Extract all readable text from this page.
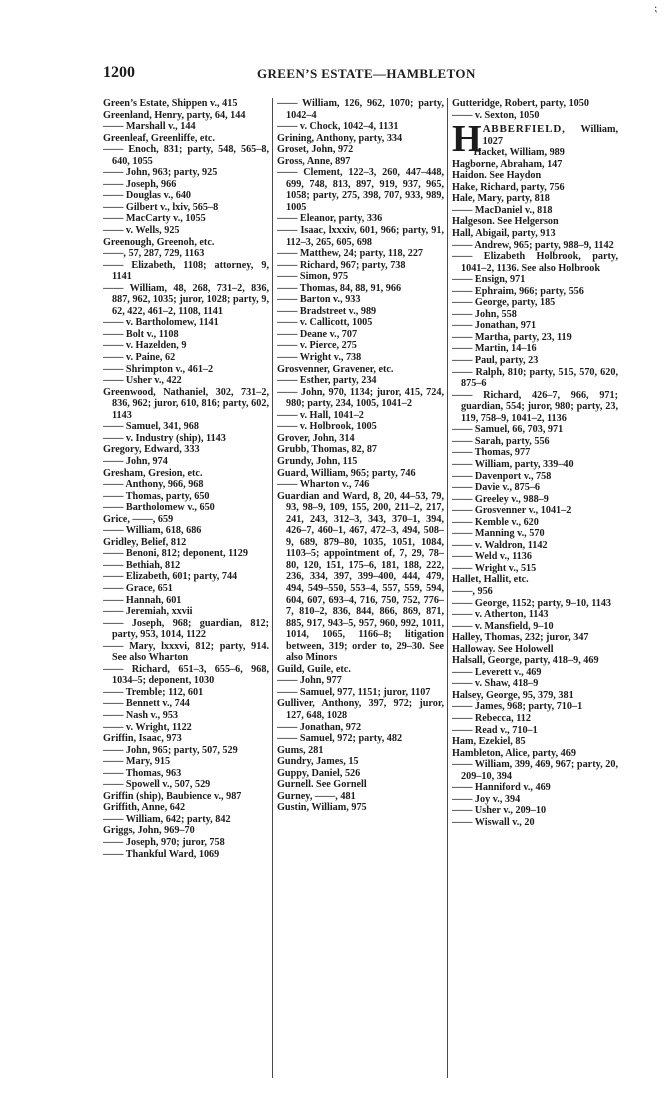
⁏
1200	GREEN’S ESTATE—HAMBLETON
Green’s Estate, Shippen v., 415
Greenland, Henry, party, 64, 144
—— Marshall v., 144
Greenleaf, Greenliffe, etc.
—— Enoch, 831; party, 548, 565–8, 640, 1055
—— John, 963; party, 925
—— Joseph, 966
—— Douglas v., 640
—— Gilbert v., lxiv, 565–8
—— MacCarty v., 1055
—— v. Wells, 925
Greenough, Greenoh, etc.
——, 57, 287, 729, 1163
—— Elizabeth, 1108; attorney, 9, 1141
—— William, 48, 268, 731–2, 836, 887, 962, 1035; juror, 1028; party, 9, 62, 422, 461–2, 1108, 1141
—— v. Bartholomew, 1141
—— Bolt v., 1108
—— v. Hazelden, 9
—— v. Paine, 62
—— Shrimpton v., 461–2
—— Usher v., 422
Greenwood, Nathaniel, 302, 731–2, 836, 962; juror, 610, 816; party, 602, 1143
—— Samuel, 341, 968
—— v. Industry (ship), 1143
Gregory, Edward, 333
—— John, 974
Gresham, Gresion, etc.
—— Anthony, 966, 968
—— Thomas, party, 650
—— Bartholomew v., 650
Grice, ——, 659
—— William, 618, 686
Gridley, Belief, 812
—— Benoni, 812; deponent, 1129
—— Bethiah, 812
—— Elizabeth, 601; party, 744
—— Grace, 651
—— Hannah, 601
—— Jeremiah, xxvii
—— Joseph, 968; guardian, 812; party, 953, 1014, 1122
—— Mary, lxxxvi, 812; party, 914. See also Wharton
—— Richard, 651–3, 655–6, 968, 1034–5; deponent, 1030
—— Tremble; 112, 601
—— Bennett v., 744
—— Nash v., 953
—— v. Wright, 1122
Griffin, Isaac, 973
—— John, 965; party, 507, 529
—— Mary, 915
—— Thomas, 963
—— Spowell v., 507, 529
Griffin (ship), Baubience v., 987
Griffith, Anne, 642
—— William, 642; party, 842
Griggs, John, 969–70
—— Joseph, 970; juror, 758
—— Thankful Ward, 1069
—— William, 126, 962, 1070; party, 1042–4
—— v. Chock, 1042–4, 1131
Grining, Anthony, party, 334
Groset, John, 972
Gross, Anne, 897
—— Clement, 122–3, 260, 447–448, 699, 748, 813, 897, 919, 937, 965, 1058; party, 275, 398, 707, 933, 989, 1005
—— Eleanor, party, 336
—— Isaac, lxxxiv, 601, 966; party, 91, 112–3, 265, 605, 698
—— Matthew, 24; party, 118, 227
—— Richard, 967; party, 738
—— Simon, 975
—— Thomas, 84, 88, 91, 966
—— Barton v., 933
—— Bradstreet v., 989
—— v. Callicott, 1005
—— Deane v., 707
—— v. Pierce, 275
—— Wright v., 738
Grosvenner, Gravener, etc.
—— Esther, party, 234
—— John, 970, 1134; juror, 415, 724, 980; party, 234, 1005, 1041–2
—— v. Hall, 1041–2
—— v. Holbrook, 1005
Grover, John, 314
Grubb, Thomas, 82, 87
Grundy, John, 115
Guard, William, 965; party, 746
—— Wharton v., 746
Guardian and Ward, 8, 20, 44–53, 79, 93, 98–9, 109, 155, 200, 211–2, 217, 241, 243, 312–3, 343, 370–1, 394, 426–7, 460–1, 467, 472–3, 494, 508–9, 689, 879–80, 1035, 1051, 1084, 1103–5; appointment of, 7, 29, 78–80, 120, 151, 175–6, 181, 188, 222, 236, 334, 397, 399–400, 444, 479, 494, 549–550, 553–4, 557, 559, 594, 604, 607, 693–4, 716, 750, 752, 776–7, 810–2, 836, 844, 866, 869, 871, 885, 917, 943–5, 957, 960, 992, 1011, 1014, 1065, 1166–8; litigation between, 319; order to, 29–30. See also Minors
Guild, Guile, etc.
—— John, 977
—— Samuel, 977, 1151; juror, 1107
Gulliver, Anthony, 397, 972; juror, 127, 648, 1028
—— Jonathan, 972
—— Samuel, 972; party, 482
Gums, 281
Gundry, James, 15
Guppy, Daniel, 526
Gurnell. See Gornell
Gurney, ——, 481
Gustin, William, 975
Gutteridge, Robert, party, 1050
—— v. Sexton, 1050
HABBERFIELD, William, 1027
Hacket, William, 989
Hagborne, Abraham, 147
Haidon. See Haydon
Hake, Richard, party, 756
Hale, Mary, party, 818
—— MacDaniel v., 818
Halgeson. See Helgerson
Hall, Abigail, party, 913
—— Andrew, 965; party, 988–9, 1142
—— Elizabeth Holbrook, party, 1041–2, 1136. See also Holbrook
—— Ensign, 971
—— Ephraim, 966; party, 556
—— George, party, 185
—— John, 558
—— Jonathan, 971
—— Martha, party, 23, 119
—— Martin, 14–16
—— Paul, party, 23
—— Ralph, 810; party, 515, 570, 620, 875–6
—— Richard, 426–7, 966, 971; guardian, 554; juror, 980; party, 23, 119, 758–9, 1041–2, 1136
—— Samuel, 66, 703, 971
—— Sarah, party, 556
—— Thomas, 977
—— William, party, 339–40
—— Davenport v., 758
—— Davie v., 875–6
—— Greeley v., 988–9
—— Grosvenner v., 1041–2
—— Kemble v., 620
—— Manning v., 570
—— v. Waldron, 1142
—— Weld v., 1136
—— Wright v., 515
Hallet, Hallit, etc.
——, 956
—— George, 1152; party, 9–10, 1143
—— v. Atherton, 1143
—— v. Mansfield, 9–10
Halley, Thomas, 232; juror, 347
Halloway. See Holowell
Halsall, George, party, 418–9, 469
—— Leverett v., 469
—— v. Shaw, 418–9
Halsey, George, 95, 379, 381
—— James, 968; party, 710–1
—— Rebecca, 112
—— Read v., 710–1
Ham, Ezekiel, 85
Hambleton, Alice, party, 469
—— William, 399, 469, 967; party, 20, 209–10, 394
—— Hanniford v., 469
—— Joy v., 394
—— Usher v., 209–10
—— Wiswall v., 20
